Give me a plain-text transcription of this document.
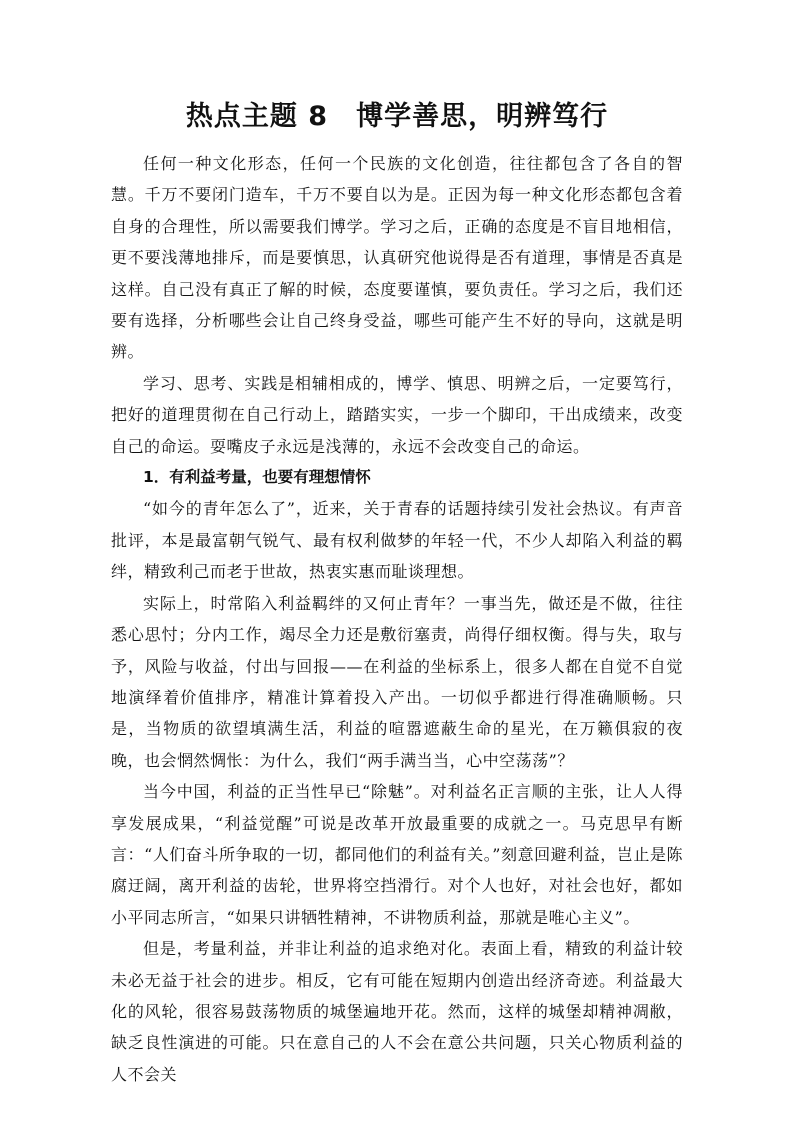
热点主题 8　博学善思，明辨笃行

任何一种文化形态，任何一个民族的文化创造，往往都包含了各自的智慧。千万不要闭门造车，千万不要自以为是。正因为每一种文化形态都包含着自身的合理性，所以需要我们博学。学习之后，正确的态度是不盲目地相信，更不要浅薄地排斥，而是要慎思，认真研究他说得是否有道理，事情是否真是这样。自己没有真正了解的时候，态度要谨慎，要负责任。学习之后，我们还要有选择，分析哪些会让自己终身受益，哪些可能产生不好的导向，这就是明辨。

学习、思考、实践是相辅相成的，博学、慎思、明辨之后，一定要笃行，把好的道理贯彻在自己行动上，踏踏实实，一步一个脚印，干出成绩来，改变自己的命运。耍嘴皮子永远是浅薄的，永远不会改变自己的命运。

1．有利益考量，也要有理想情怀

“如今的青年怎么了”，近来，关于青春的话题持续引发社会热议。有声音批评，本是最富朝气锐气、最有权利做梦的年轻一代，不少人却陷入利益的羁绊，精致利己而老于世故，热衷实惠而耻谈理想。

实际上，时常陷入利益羁绊的又何止青年？一事当先，做还是不做，往往悉心思忖；分内工作，竭尽全力还是敷衍塞责，尚得仔细权衡。得与失，取与予，风险与收益，付出与回报——在利益的坐标系上，很多人都在自觉不自觉地演绎着价值排序，精准计算着投入产出。一切似乎都进行得准确顺畅。只是，当物质的欲望填满生活，利益的喧嚣遮蔽生命的星光，在万籁俱寂的夜晚，也会惘然惆怅：为什么，我们“两手满当当，心中空荡荡”？

当今中国，利益的正当性早已“除魅”。对利益名正言顺的主张，让人人得享发展成果，“利益觉醒”可说是改革开放最重要的成就之一。马克思早有断言：“人们奋斗所争取的一切，都同他们的利益有关。”刻意回避利益，岂止是陈腐迂阔，离开利益的齿轮，世界将空挡滑行。对个人也好，对社会也好，都如小平同志所言，“如果只讲牺牲精神，不讲物质利益，那就是唯心主义”。

但是，考量利益，并非让利益的追求绝对化。表面上看，精致的利益计较未必无益于社会的进步。相反，它有可能在短期内创造出经济奇迹。利益最大化的风轮，很容易鼓荡物质的城堡遍地开花。然而，这样的城堡却精神凋敝，缺乏良性演进的可能。只在意自己的人不会在意公共问题，只关心物质利益的人不会关
